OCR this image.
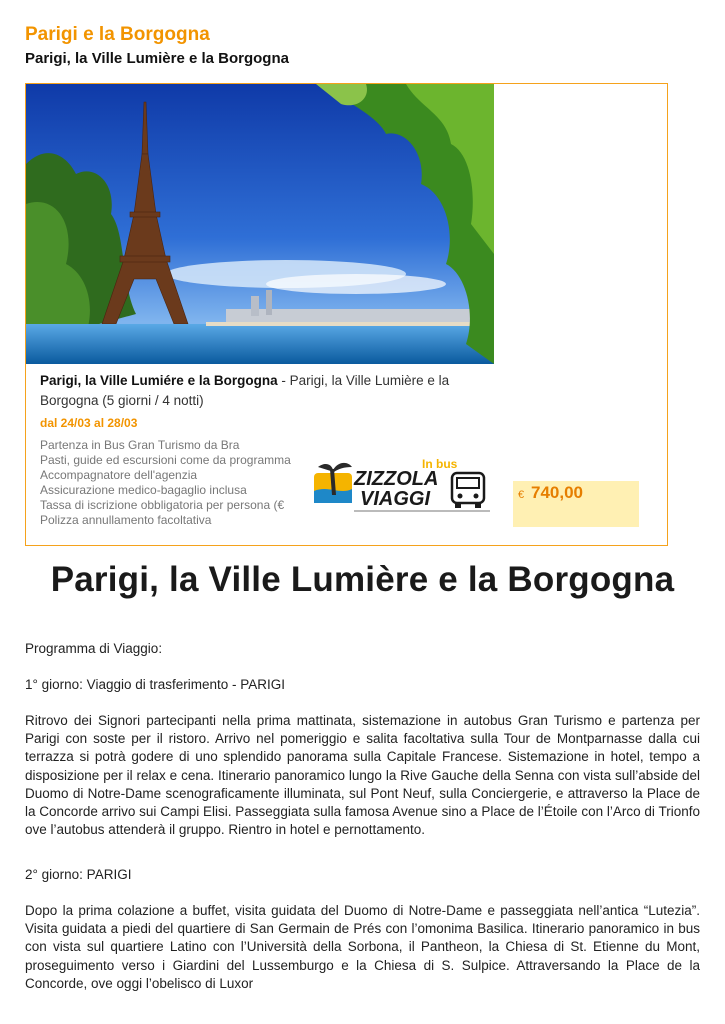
Parigi e la Borgogna
Parigi, la Ville Lumière e la Borgogna
Parigi, la Ville Lumiére e la Borgogna - Parigi, la Ville Lumière e la Borgogna (5 giorni / 4 notti)
dal 24/03 al 28/03
Partenza in Bus Gran Turismo da Bra
Pasti, guide ed escursioni come da programma
Accompagnatore dell'agenzia
Assicurazione medico-bagaglio inclusa
Tassa di iscrizione obbligatoria per persona (€
Polizza annullamento facoltativa
In bus
ZIZZOLA
VIAGGI	€ 740,00
Parigi, la Ville Lumière e la Borgogna

Programma di Viaggio:

1° giorno: Viaggio di trasferimento - PARIGI

Ritrovo dei Signori partecipanti nella prima mattinata, sistemazione in autobus Gran Turismo e partenza per Parigi con soste per il ristoro. Arrivo nel pomeriggio e salita facoltativa sulla Tour de Montparnasse dalla cui terrazza si potrà godere di uno splendido panorama sulla Capitale Francese. Sistemazione in hotel, tempo a disposizione per il relax e cena. Itinerario panoramico lungo la Rive Gauche della Senna con vista sull’abside del Duomo di Notre-Dame scenograficamente illuminata, sul Pont Neuf, sulla Conciergerie, e attraverso la Place de la Concorde arrivo sui Campi Elisi. Passeggiata sulla famosa Avenue sino a Place de l’Étoile con l’Arco di Trionfo ove l’autobus attenderà il gruppo. Rientro in hotel e pernottamento.

2° giorno: PARIGI

Dopo la prima colazione a buffet, visita guidata del Duomo di Notre-Dame e passeggiata nell’antica “Lutezia”. Visita guidata a piedi del quartiere di San Germain de Prés con l’omonima Basilica. Itinerario panoramico in bus con vista sul quartiere Latino con l’Università della Sorbona, il Pantheon, la Chiesa di St. Etienne du Mont, proseguimento verso i Giardini del Lussemburgo e la Chiesa di S. Sulpice. Attraversando la Place de la Concorde, ove oggi l’obelisco di Luxor
